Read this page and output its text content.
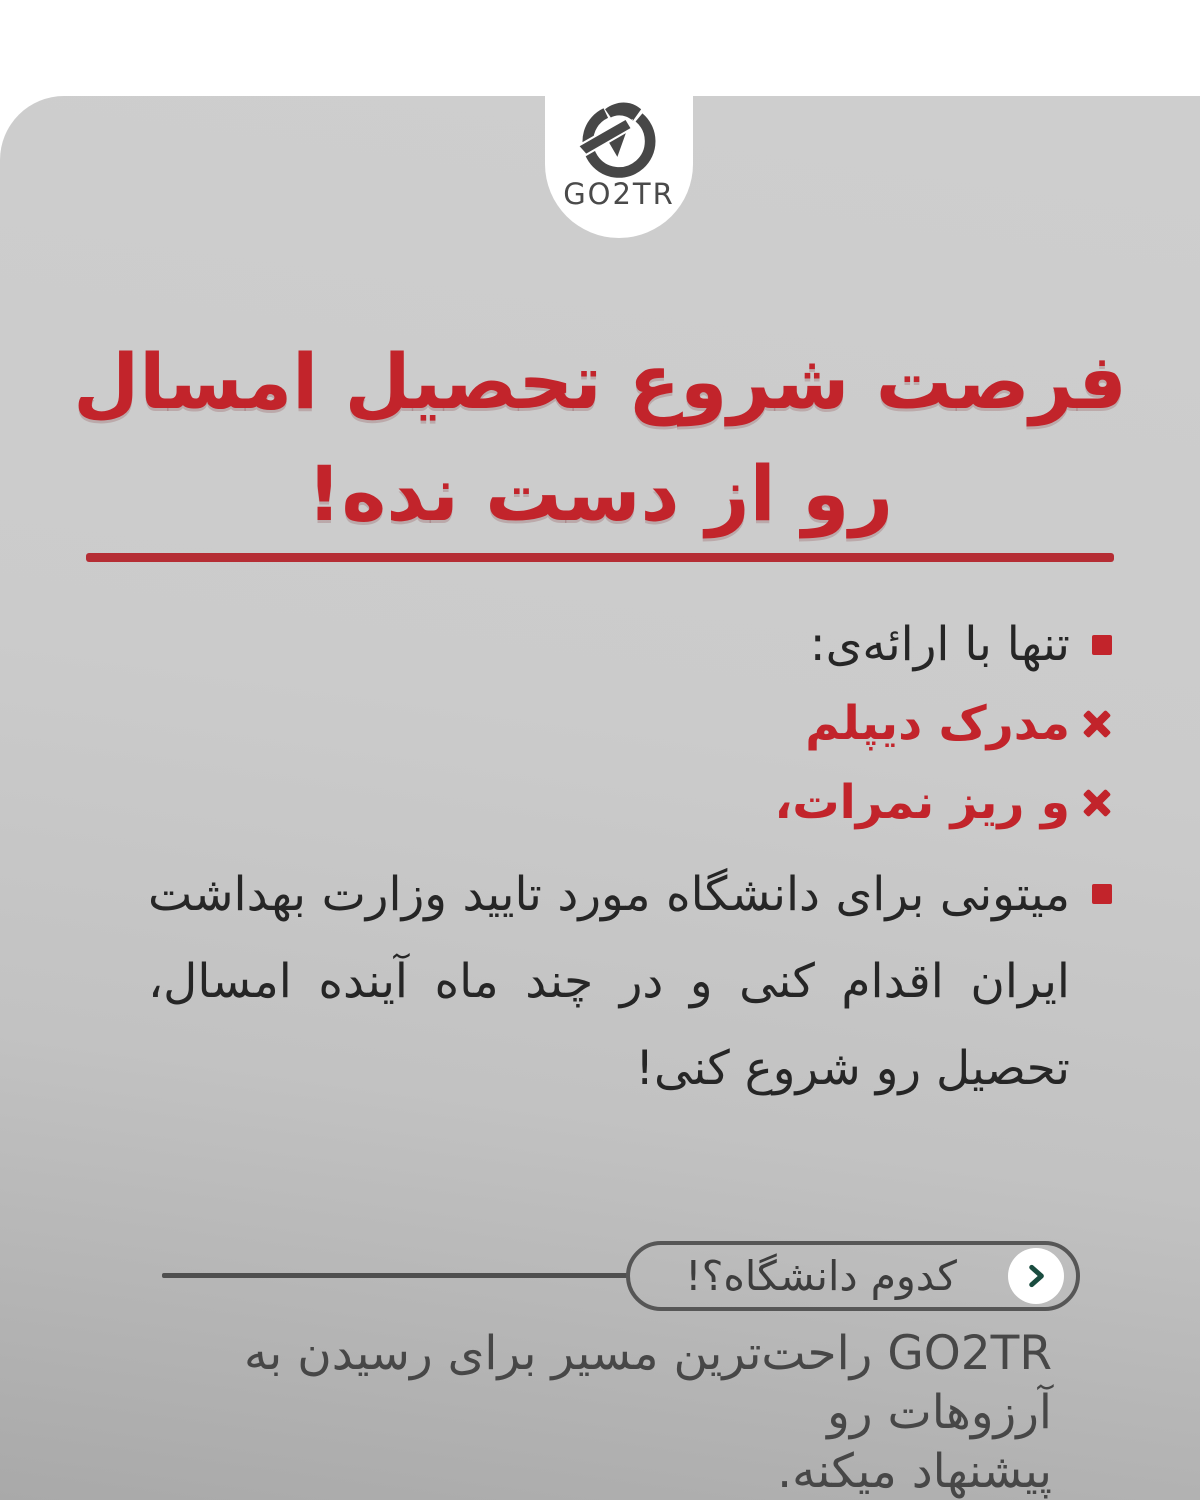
GO2TR
فرصت شروع تحصیل امسال
رو از دست نده!
تنها با ارائه‌ی:
مدرک دیپلم
و ریز نمرات،

میتونی برای دانشگاه مورد تایید وزارت بهداشت ایران اقدام کنی و در چند ماه آینده امسال، تحصیل رو شروع کنی!

کدوم دانشگاه؟!

GO2TR راحت‌ترین مسیر برای رسیدن به آرزوهات رو
پیشنهاد میکنه.
